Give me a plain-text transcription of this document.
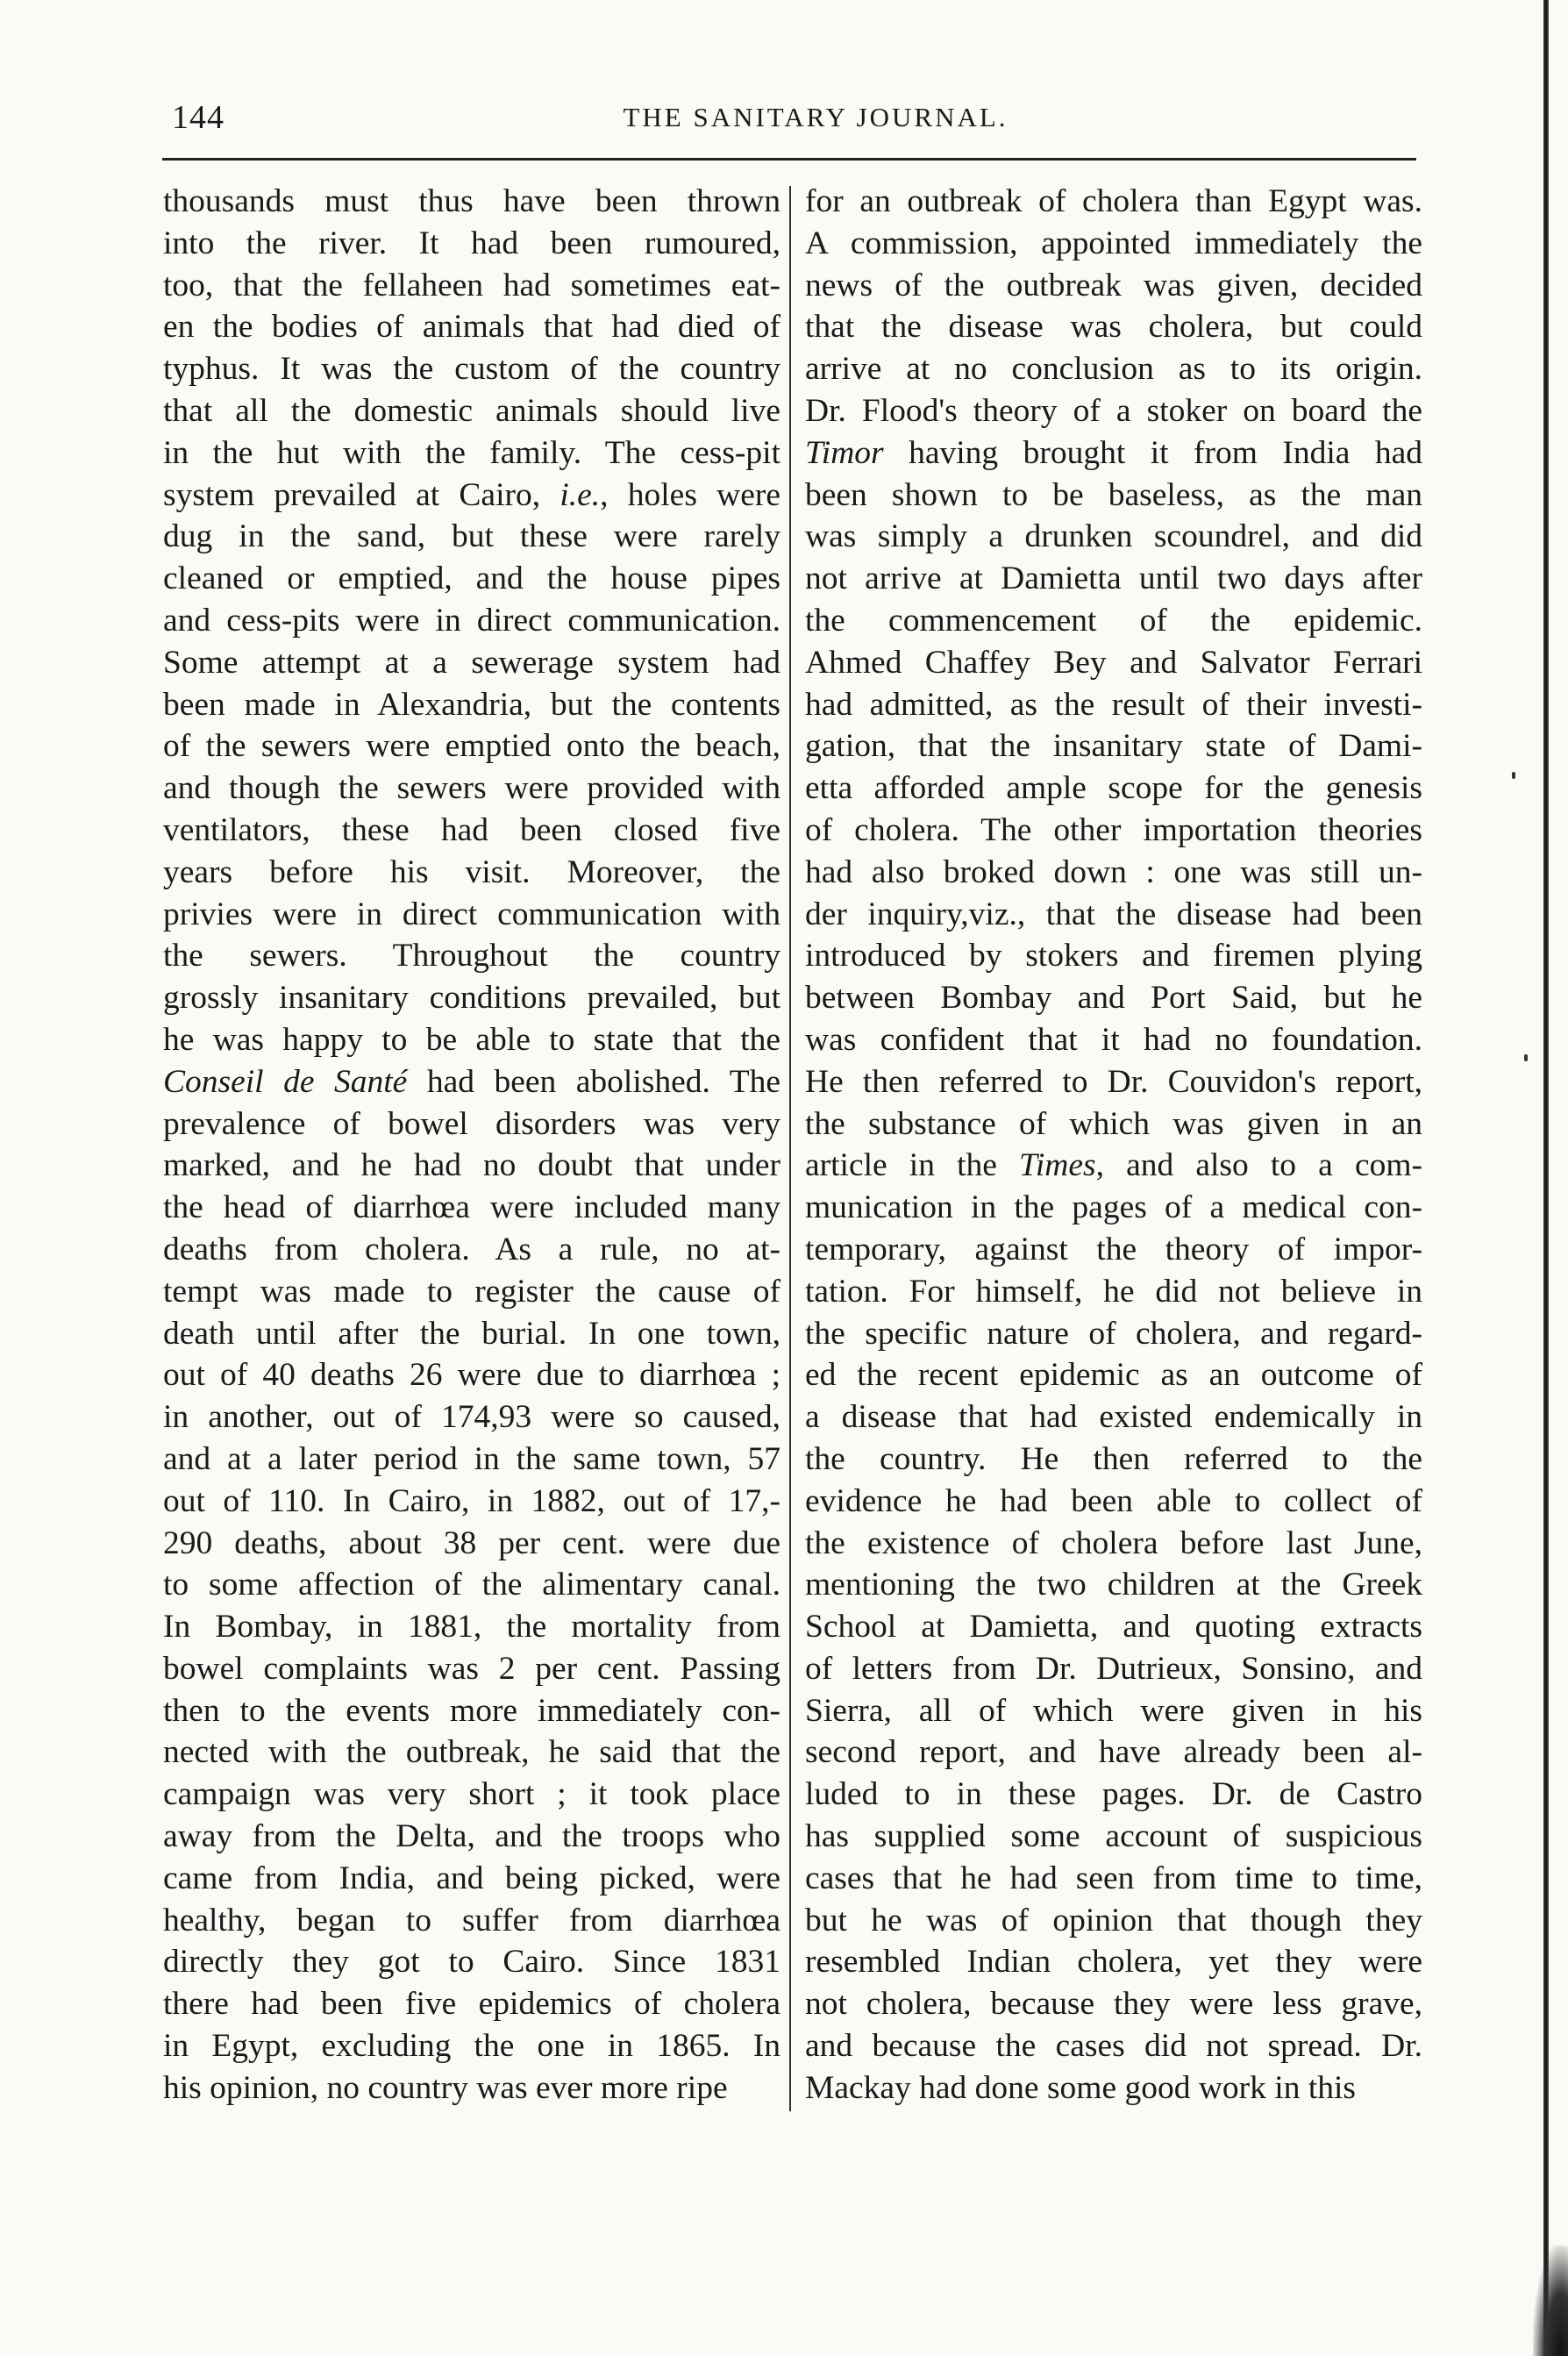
144	THE SANITARY JOURNAL.
thousands must thus have been thrown
into the river. It had been rumoured,
too, that the fellaheen had sometimes eat-
en the bodies of animals that had died of
typhus. It was the custom of the country
that all the domestic animals should live
in the hut with the family. The cess-pit
system prevailed at Cairo, i.e., holes were
dug in the sand, but these were rarely
cleaned or emptied, and the house pipes
and cess-pits were in direct communication.
Some attempt at a sewerage system had
been made in Alexandria, but the contents
of the sewers were emptied onto the beach,
and though the sewers were provided with
ventilators, these had been closed five
years before his visit. Moreover, the
privies were in direct communication with
the sewers. Throughout the country
grossly insanitary conditions prevailed, but
he was happy to be able to state that the
Conseil de Santé had been abolished. The
prevalence of bowel disorders was very
marked, and he had no doubt that under
the head of diarrhœa were included many
deaths from cholera. As a rule, no at-
tempt was made to register the cause of
death until after the burial. In one town,
out of 40 deaths 26 were due to diarrhœa ;
in another, out of 174,93 were so caused,
and at a later period in the same town, 57
out of 110. In Cairo, in 1882, out of 17,-
290 deaths, about 38 per cent. were due
to some affection of the alimentary canal.
In Bombay, in 1881, the mortality from
bowel complaints was 2 per cent. Passing
then to the events more immediately con-
nected with the outbreak, he said that the
campaign was very short ; it took place
away from the Delta, and the troops who
came from India, and being picked, were
healthy, began to suffer from diarrhœa
directly they got to Cairo. Since 1831
there had been five epidemics of cholera
in Egypt, excluding the one in 1865. In
his opinion, no country was ever more ripe
for an outbreak of cholera than Egypt was.
A commission, appointed immediately the
news of the outbreak was given, decided
that the disease was cholera, but could
arrive at no conclusion as to its origin.
Dr. Flood's theory of a stoker on board the
Timor having brought it from India had
been shown to be baseless, as the man
was simply a drunken scoundrel, and did
not arrive at Damietta until two days after
the commencement of the epidemic.
Ahmed Chaffey Bey and Salvator Ferrari
had admitted, as the result of their investi-
gation, that the insanitary state of Dami-
etta afforded ample scope for the genesis
of cholera. The other importation theories
had also broked down : one was still un-
der inquiry,viz., that the disease had been
introduced by stokers and firemen plying
between Bombay and Port Said, but he
was confident that it had no foundation.
He then referred to Dr. Couvidon's report,
the substance of which was given in an
article in the Times, and also to a com-
munication in the pages of a medical con-
temporary, against the theory of impor-
tation. For himself, he did not believe in
the specific nature of cholera, and regard-
ed the recent epidemic as an outcome of
a disease that had existed endemically in
the country. He then referred to the
evidence he had been able to collect of
the existence of cholera before last June,
mentioning the two children at the Greek
School at Damietta, and quoting extracts
of letters from Dr. Dutrieux, Sonsino, and
Sierra, all of which were given in his
second report, and have already been al-
luded to in these pages. Dr. de Castro
has supplied some account of suspicious
cases that he had seen from time to time,
but he was of opinion that though they
resembled Indian cholera, yet they were
not cholera, because they were less grave,
and because the cases did not spread. Dr.
Mackay had done some good work in this
